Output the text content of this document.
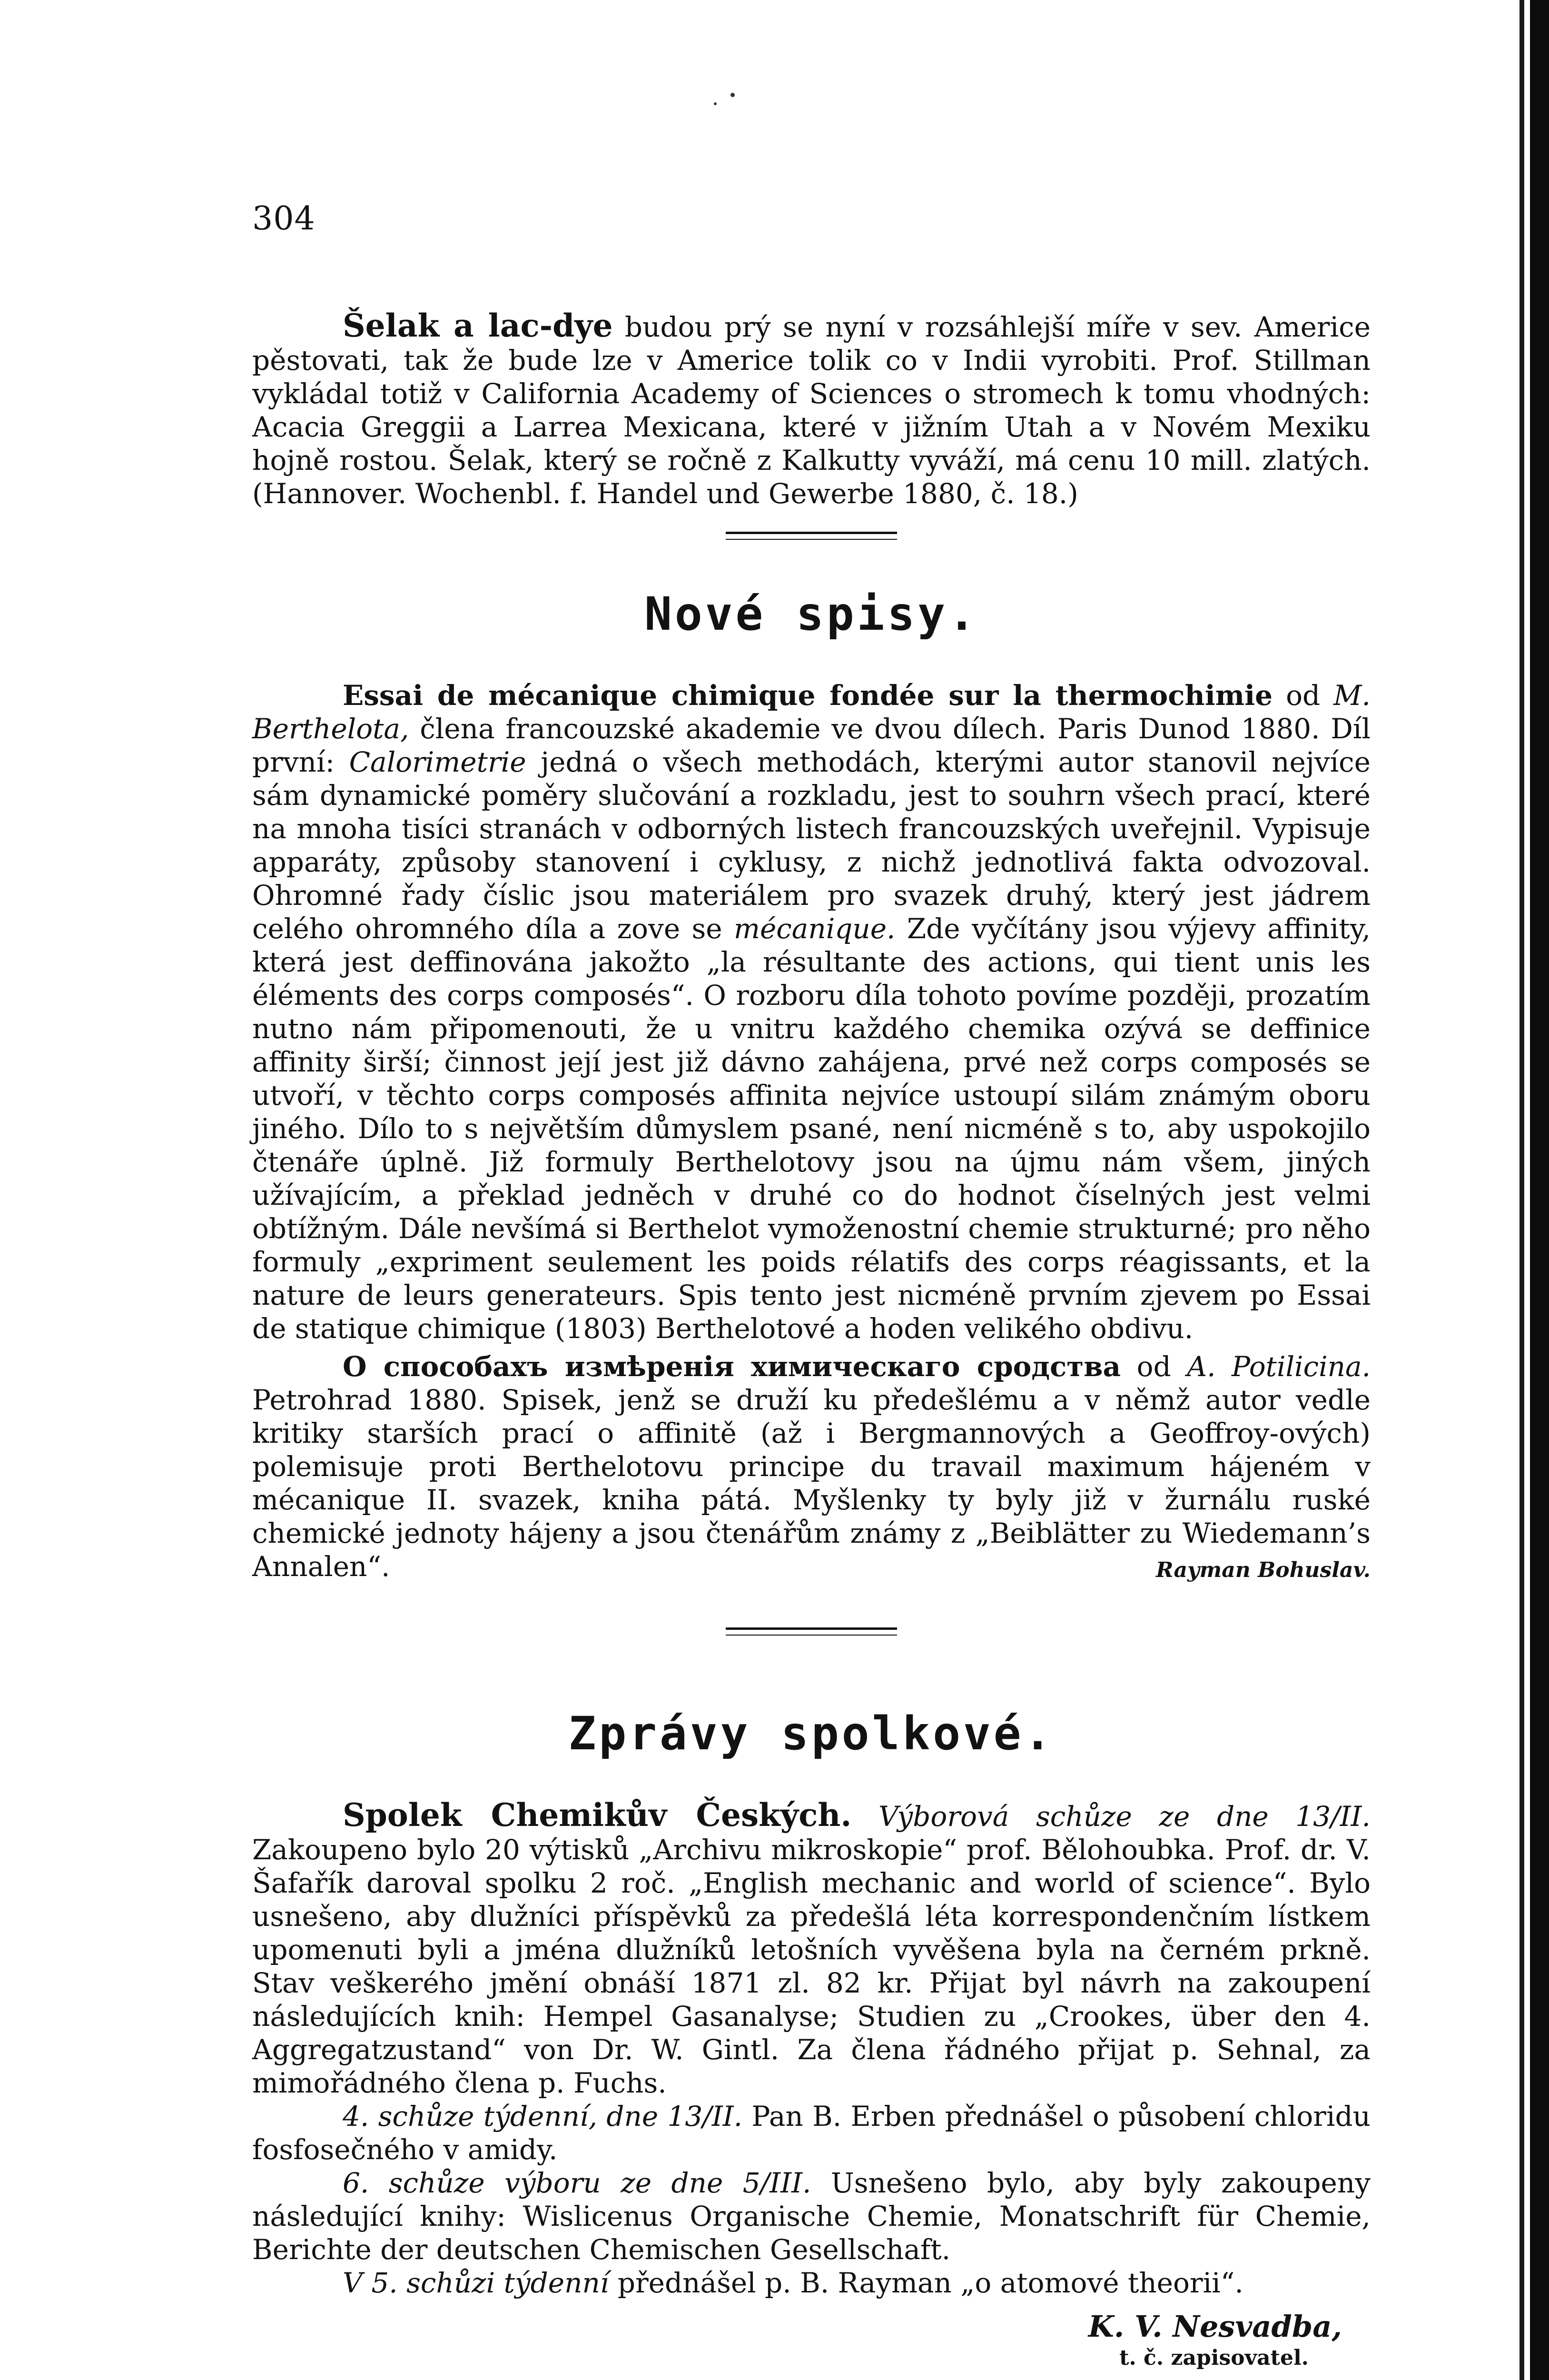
304

Šelak a lac-dye budou prý se nyní v rozsáhlejší míře v sev. Americe pěstovati, tak že bude lze v Americe tolik co v Indii vyrobiti. Prof. Stillman vykládal totiž v California Academy of Sciences o stromech k tomu vhodných: Acacia Greggii a Larrea Mexicana, které v jižním Utah a v Novém Mexiku hojně rostou. Šelak, který se ročně z Kalkutty vyváží, má cenu 10 mill. zlatých. (Hannover. Wochenbl. f. Handel und Gewerbe 1880, č. 18.)

Nové spisy.

Essai de mécanique chimique fondée sur la thermochimie od M. Berthelota, člena francouzské akademie ve dvou dílech. Paris Dunod 1880. Díl první: Calorimetrie jedná o všech methodách, kterými autor stanovil nejvíce sám dynamické poměry slučování a rozkladu, jest to souhrn všech prací, které na mnoha tisíci stranách v odborných listech francouzských uveřejnil. Vypisuje apparáty, způsoby stanovení i cyklusy, z nichž jednotlivá fakta odvozoval. Ohromné řady číslic jsou materiálem pro svazek druhý, který jest jádrem celého ohromného díla a zove se mécanique. Zde vyčítány jsou výjevy affinity, která jest deffinována jakožto „la résultante des actions, qui tient unis les éléments des corps composés“. O rozboru díla tohoto povíme později, prozatím nutno nám připomenouti, že u vnitru každého chemika ozývá se deffinice affinity širší; činnost její jest již dávno zahájena, prvé než corps composés se utvoří, v těchto corps composés affinita nejvíce ustoupí silám známým oboru jiného. Dílo to s největším důmyslem psané, není nicméně s to, aby uspokojilo čtenáře úplně. Již formuly Berthelotovy jsou na újmu nám všem, jiných užívajícím, a překlad jedněch v druhé co do hodnot číselných jest velmi obtížným. Dále nevšímá si Berthelot vymoženostní chemie strukturné; pro něho formuly „expriment seulement les poids rélatifs des corps réagissants, et la nature de leurs generateurs. Spis tento jest nicméně prvním zjevem po Essai de statique chimique (1803) Berthelotové a hoden velikého obdivu.

О способахъ измѣренія химическаго сродства od A. Potilicina. Petrohrad 1880. Spisek, jenž se druží ku předešlému a v němž autor vedle kritiky starších prací o affinitě (až i Bergmannových a Geoffroy-ových) polemisuje proti Berthelotovu principe du travail maximum hájeném v mécanique II. svazek, kniha pátá. Myšlenky ty byly již v žurnálu ruské chemické jednoty hájeny a jsou čtenářům známy z „Beiblätter zu Wiedemann’s Annalen“.	Rayman Bohuslav.

Zprávy spolkové.

Spolek Chemikův Českých. Výborová schůze ze dne 13/II. Zakoupeno bylo 20 výtisků „Archivu mikroskopie“ prof. Bělohoubka. Prof. dr. V. Šafařík daroval spolku 2 roč. „English mechanic and world of science“. Bylo usnešeno, aby dlužníci příspěvků za předešlá léta korrespondenčním lístkem upomenuti byli a jména dlužníků letošních vyvěšena byla na černém prkně. Stav veškerého jmění obnáší 1871 zl. 82 kr. Přijat byl návrh na zakoupení následujících knih: Hempel Gasanalyse; Studien zu „Crookes, über den 4. Aggregatzustand“ von Dr. W. Gintl. Za člena řádného přijat p. Sehnal, za mimořádného člena p. Fuchs.

4. schůze týdenní, dne 13/II. Pan B. Erben přednášel o působení chloridu fosfosečného v amidy.

6. schůze výboru ze dne 5/III. Usnešeno bylo, aby byly zakoupeny následující knihy: Wislicenus Organische Chemie, Monatschrift für Chemie, Berichte der deutschen Chemischen Gesellschaft.

V 5. schůzi týdenní přednášel p. B. Rayman „o atomové theorii“.

K. V. Nesvadba,
t. č. zapisovatel.
